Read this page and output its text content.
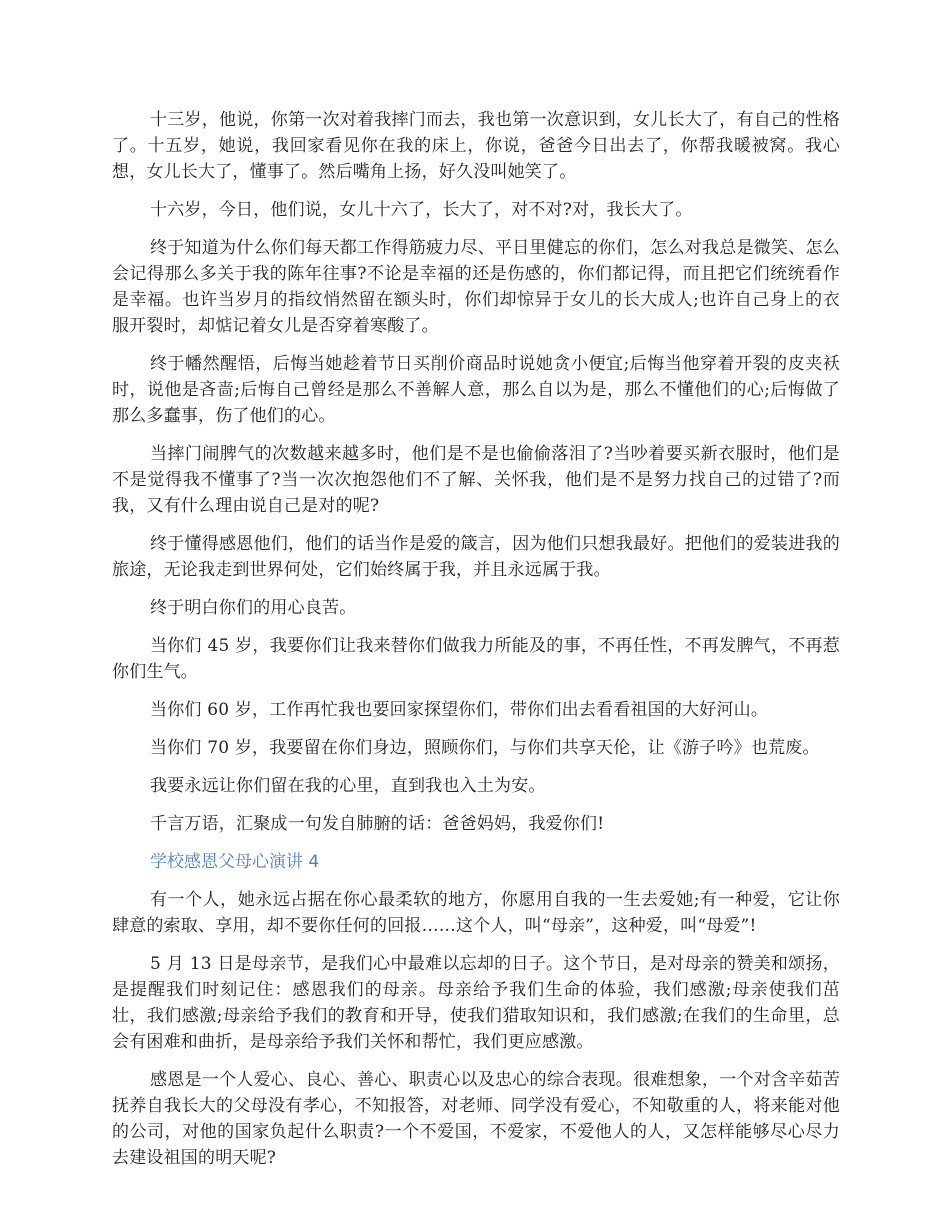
十三岁，他说，你第一次对着我摔门而去，我也第一次意识到，女儿长大了，有自己的性格了。十五岁，她说，我回家看见你在我的床上，你说，爸爸今日出去了，你帮我暖被窝。我心想，女儿长大了，懂事了。然后嘴角上扬，好久没叫她笑了。

十六岁，今日，他们说，女儿十六了，长大了，对不对?对，我长大了。

终于知道为什么你们每天都工作得筋疲力尽、平日里健忘的你们，怎么对我总是微笑、怎么会记得那么多关于我的陈年往事?不论是幸福的还是伤感的，你们都记得，而且把它们统统看作是幸福。也许当岁月的指纹悄然留在额头时，你们却惊异于女儿的长大成人;也许自己身上的衣服开裂时，却惦记着女儿是否穿着寒酸了。

终于幡然醒悟，后悔当她趁着节日买削价商品时说她贪小便宜;后悔当他穿着开裂的皮夹袄时，说他是吝啬;后悔自己曾经是那么不善解人意，那么自以为是，那么不懂他们的心;后悔做了那么多蠢事，伤了他们的心。

当摔门闹脾气的次数越来越多时，他们是不是也偷偷落泪了?当吵着要买新衣服时，他们是不是觉得我不懂事了?当一次次抱怨他们不了解、关怀我，他们是不是努力找自己的过错了?而我，又有什么理由说自己是对的呢?

终于懂得感恩他们，他们的话当作是爱的箴言，因为他们只想我最好。把他们的爱装进我的旅途，无论我走到世界何处，它们始终属于我，并且永远属于我。

终于明白你们的用心良苦。

当你们 45 岁，我要你们让我来替你们做我力所能及的事，不再任性，不再发脾气，不再惹你们生气。

当你们 60 岁，工作再忙我也要回家探望你们，带你们出去看看祖国的大好河山。

当你们 70 岁，我要留在你们身边，照顾你们，与你们共享天伦，让《游子吟》也荒废。

我要永远让你们留在我的心里，直到我也入土为安。

千言万语，汇聚成一句发自肺腑的话：爸爸妈妈，我爱你们!

学校感恩父母心演讲 4

有一个人，她永远占据在你心最柔软的地方，你愿用自我的一生去爱她;有一种爱，它让你肆意的索取、享用，却不要你任何的回报……这个人，叫“母亲”，这种爱，叫“母爱”!

5 月 13 日是母亲节，是我们心中最难以忘却的日子。这个节日，是对母亲的赞美和颂扬，是提醒我们时刻记住：感恩我们的母亲。母亲给予我们生命的体验，我们感激;母亲使我们茁壮，我们感激;母亲给予我们的教育和开导，使我们猎取知识和，我们感激;在我们的生命里，总会有困难和曲折，是母亲给予我们关怀和帮忙，我们更应感激。

感恩是一个人爱心、良心、善心、职责心以及忠心的综合表现。很难想象，一个对含辛茹苦抚养自我长大的父母没有孝心，不知报答，对老师、同学没有爱心，不知敬重的人，将来能对他的公司，对他的国家负起什么职责?一个不爱国，不爱家，不爱他人的人，又怎样能够尽心尽力去建设祖国的明天呢?
